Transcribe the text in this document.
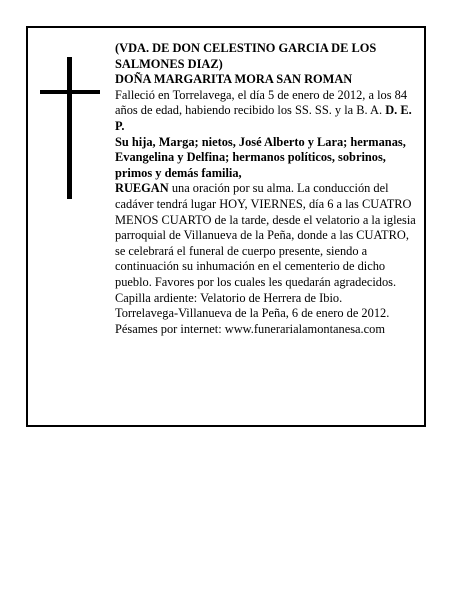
(VDA. DE DON CELESTINO GARCIA DE LOS SALMONES DIAZ)

DOÑA MARGARITA MORA SAN ROMAN

Falleció en Torrelavega, el día 5 de enero de 2012, a los 84 años de edad, habiendo recibido los SS. SS. y la B. A. D. E. P.

Su hija, Marga; nietos, José Alberto y Lara; hermanas, Evangelina y Delfina; hermanos políticos, sobrinos, primos y demás familia,

RUEGAN una oración por su alma. La conducción del cadáver tendrá lugar HOY, VIERNES, día 6 a las CUATRO MENOS CUARTO de la tarde, desde el velatorio a la iglesia parroquial de Villanueva de la Peña, donde a las CUATRO, se celebrará el funeral de cuerpo presente, siendo a continuación su inhumación en el cementerio de dicho pueblo. Favores por los cuales les quedarán agradecidos. Capilla ardiente: Velatorio de Herrera de Ibio.

Torrelavega-Villanueva de la Peña, 6 de enero de 2012.

Pésames por internet: www.funerarialamontanesa.com
